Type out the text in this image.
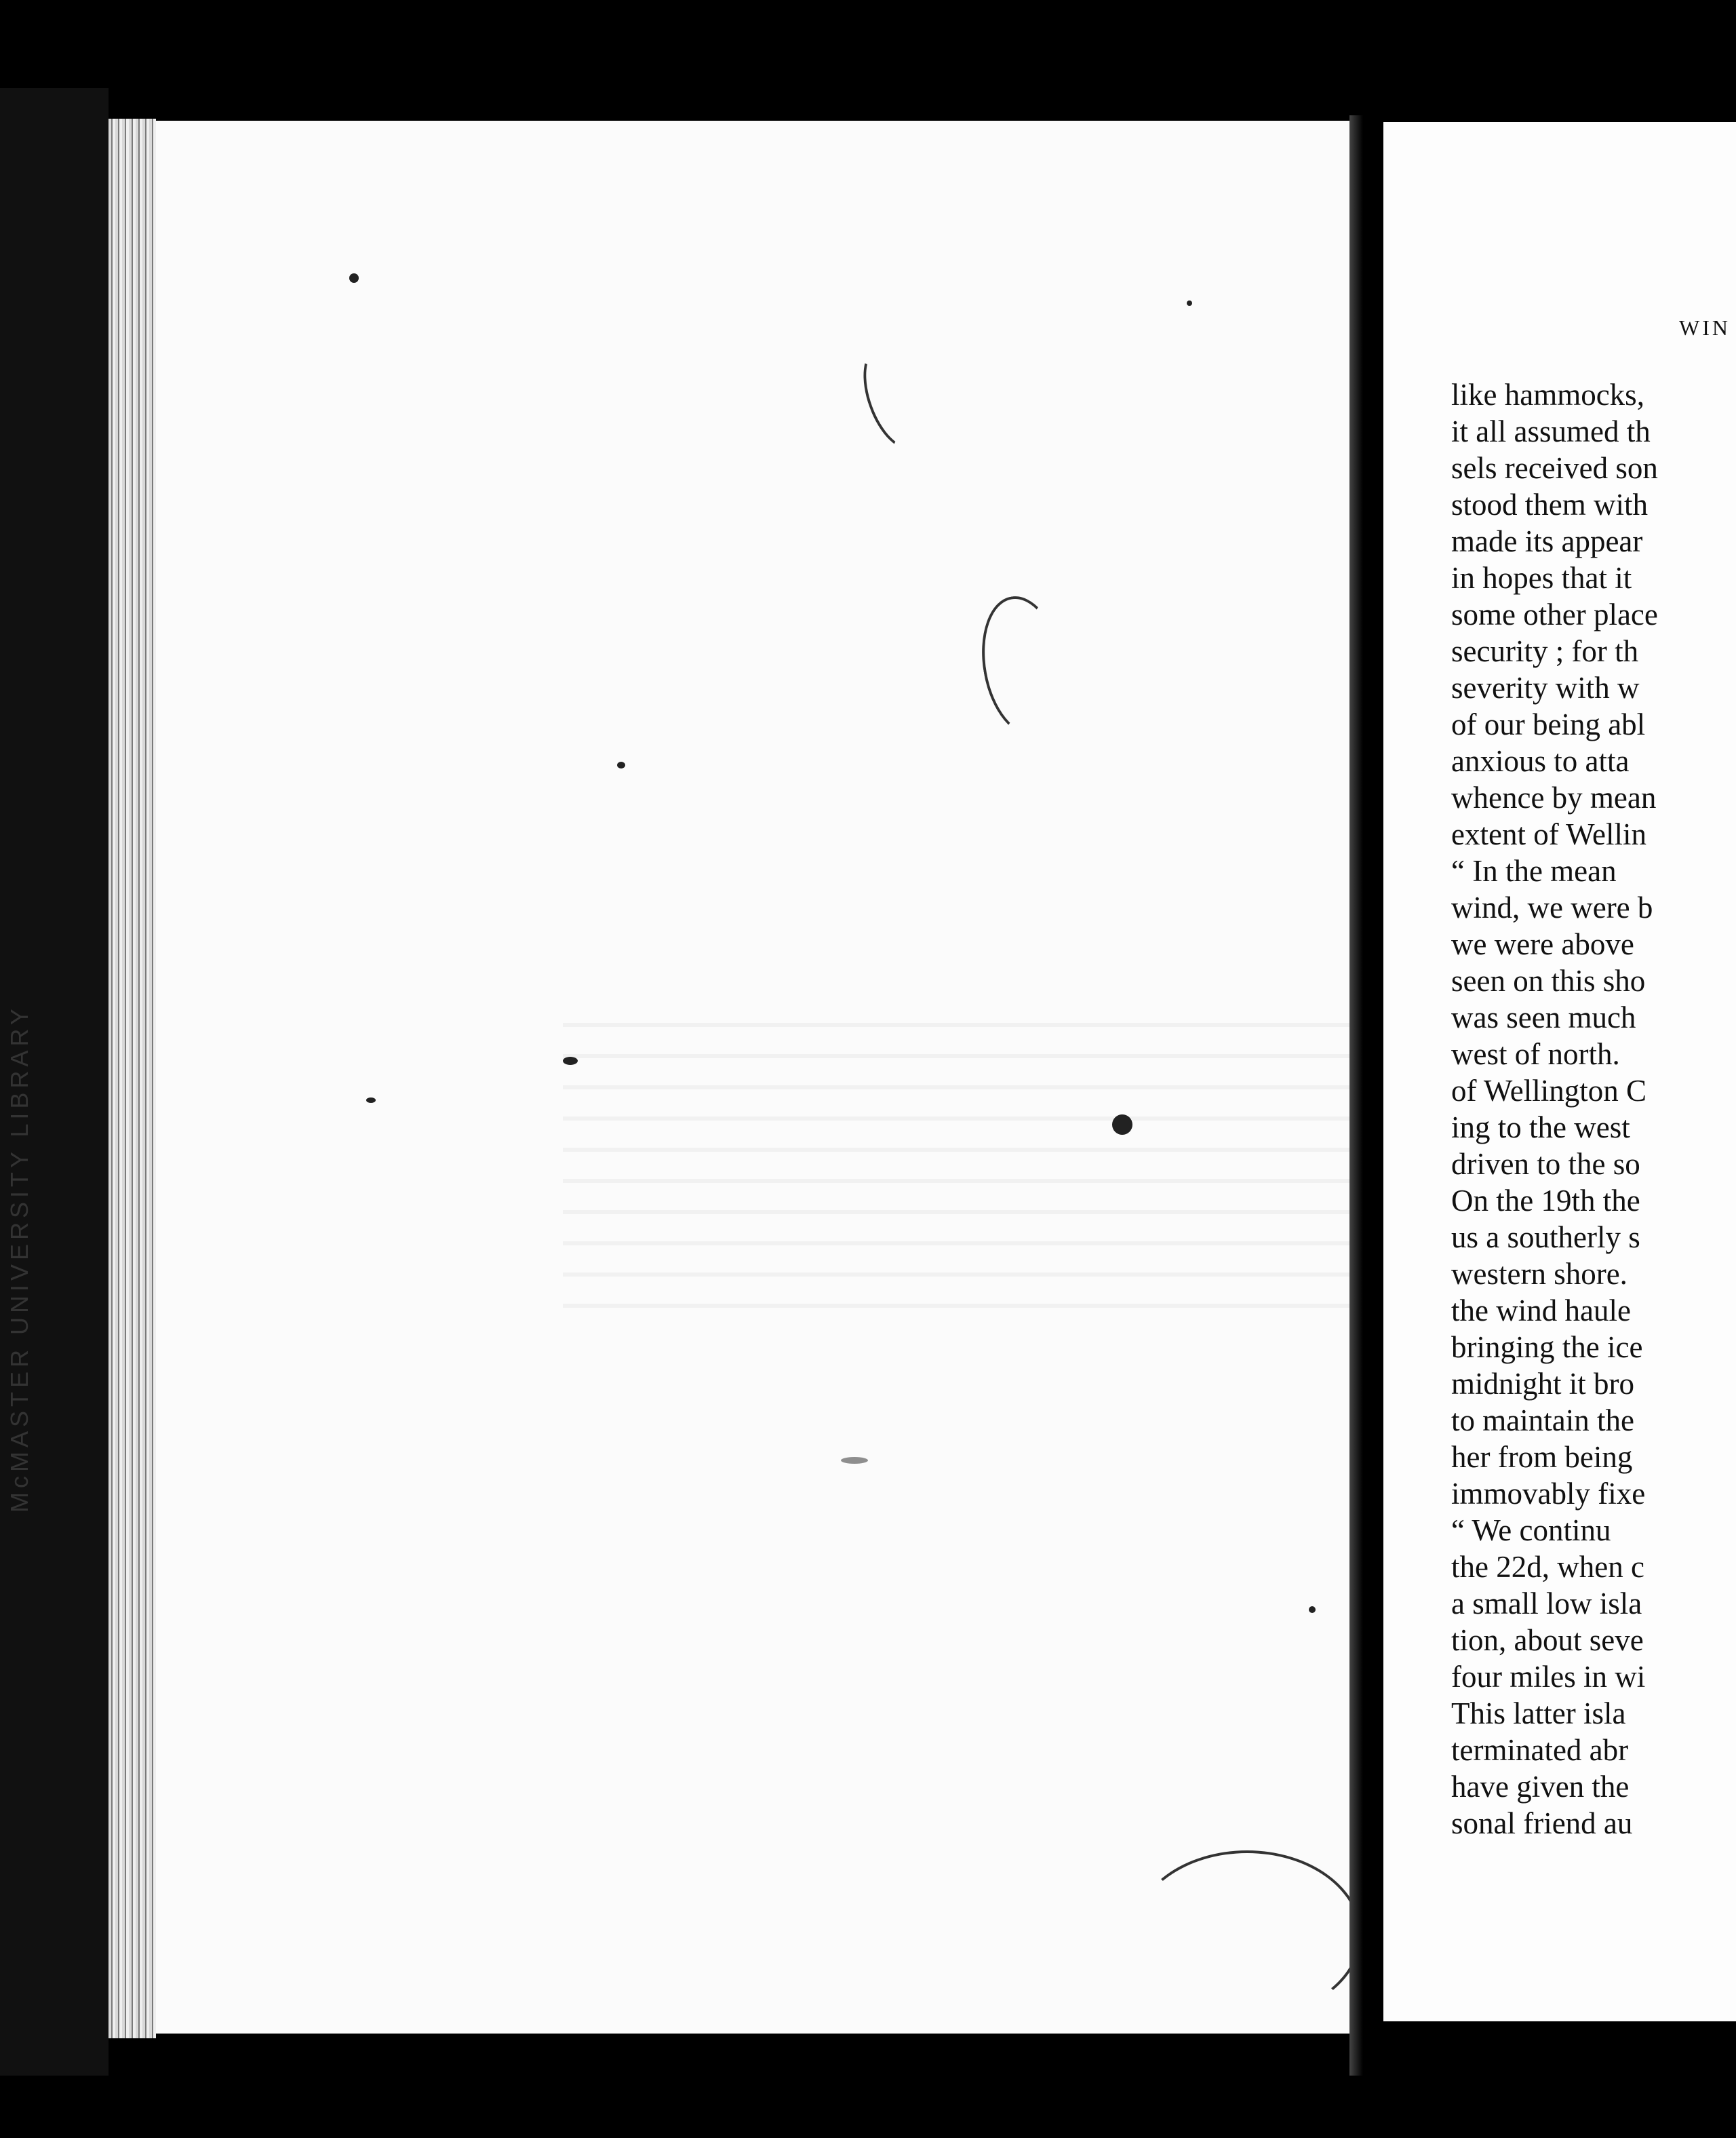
McMASTER UNIVERSITY LIBRARY
WIN
like hammocks,
it all assumed th
sels received son
stood them with
made its appear
in hopes that it
some other place
security ; for th
severity with w
of our being abl
anxious to atta
whence by mean
extent of Wellin
“ In the mean
wind, we were b
we were above
seen on this sho
was seen much
west of north.
of Wellington C
ing to the west
driven to the so
On the 19th the
us a southerly s
western shore.
the wind haule
bringing the ice
midnight it bro
to maintain the
her from being
immovably fixe
“ We continu
the 22d, when c
a small low isla
tion, about seve
four miles in wi
This latter isla
terminated abr
have given the
sonal friend au
